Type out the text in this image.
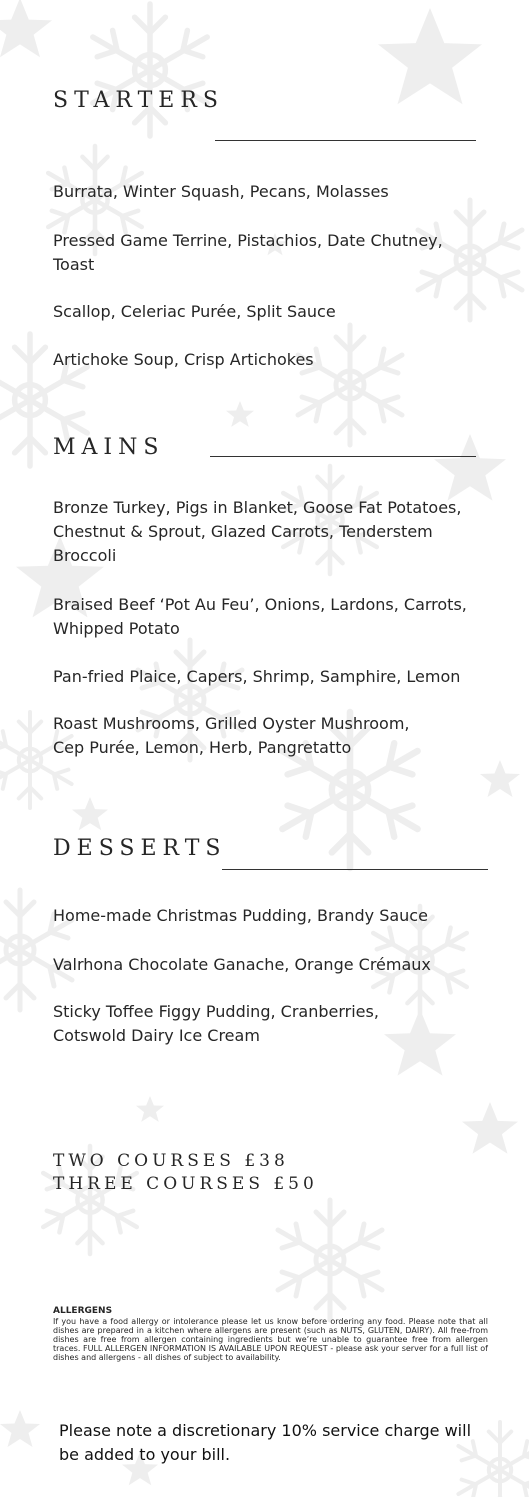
STARTERS

Burrata, Winter Squash, Pecans, Molasses

Pressed Game Terrine, Pistachios, Date Chutney, Toast

Scallop, Celeriac Purée, Split Sauce

Artichoke Soup, Crisp Artichokes

MAINS

Bronze Turkey, Pigs in Blanket, Goose Fat Potatoes, Chestnut & Sprout, Glazed Carrots, Tenderstem Broccoli

Braised Beef ‘Pot Au Feu’, Onions, Lardons, Carrots, Whipped Potato

Pan-fried Plaice, Capers, Shrimp, Samphire, Lemon

Roast Mushrooms, Grilled Oyster Mushroom, Cep Purée, Lemon, Herb, Pangretatto

DESSERTS

Home-made Christmas Pudding, Brandy Sauce

Valrhona Chocolate Ganache, Orange Crémaux

Sticky Toffee Figgy Pudding, Cranberries, Cotswold Dairy Ice Cream

TWO COURSES £38
THREE COURSES £50
ALLERGENS
If you have a food allergy or intolerance please let us know before ordering any food. Please note that all dishes are prepared in a kitchen where allergens are present (such as NUTS, GLUTEN, DAIRY). All free-from dishes are free from allergen containing ingredients but we’re unable to guarantee free from allergen traces. FULL ALLERGEN INFORMATION IS AVAILABLE UPON REQUEST - please ask your server for a full list of dishes and allergens - all dishes of subject to availability.
Please note a discretionary 10% service charge will be added to your bill.
